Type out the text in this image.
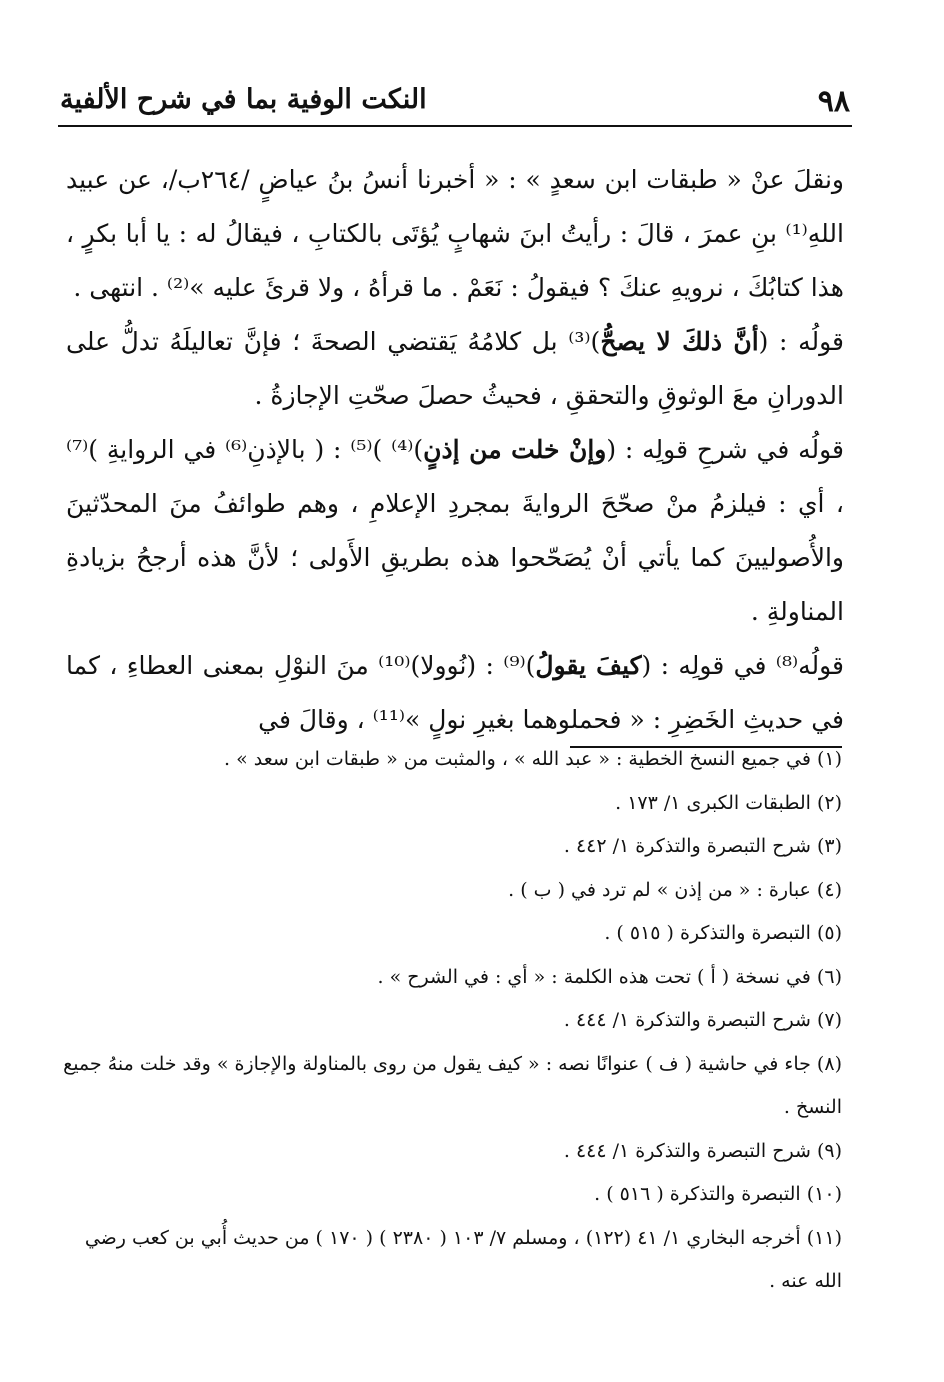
٩٨
النكت الوفية بما في شرح الألفية

ونقلَ عنْ « طبقات ابن سعدٍ » : « أخبرنا أنسُ بنُ عياضٍ /٢٦٤ب/، عن عبيد اللهِ⁽¹⁾ بنِ عمرَ ، قالَ : رأيتُ ابنَ شهابٍ يُؤتَى بالكتابِ ، فيقالُ له : يا أبا بكرٍ ، هذا كتابُكَ ، نرويهِ عنكَ ؟ فيقولُ : نَعَمْ . ما قرأهُ ، ولا قرئَ عليه »⁽²⁾ . انتهى .

قولُه : (أنَّ ذلكَ لا يصحُّ)⁽³⁾ بل كلامُهُ يَقتضي الصحةَ ؛ فإنَّ تعاليلَهُ تدلُّ على الدورانِ معَ الوثوقِ والتحققِ ، فحيثُ حصلَ صحّتِ الإجازةُ .

قولُه في شرحِ قولِه : (وإنْ خلت من إذنٍ)⁽⁴⁾ )⁽⁵⁾ : ( بالإذنِ⁽⁶⁾ في الروايةِ )⁽⁷⁾ ، أي : فيلزمُ منْ صحّحَ الروايةَ بمجردِ الإعلامِ ، وهم طوائفُ منَ المحدّثينَ والأُصوليينَ كما يأتي أنْ يُصَحّحوا هذه بطريقِ الأَولى ؛ لأنَّ هذه أرجحُ بزيادةِ المناولةِ .

قولُه⁽⁸⁾ في قولِه : (كيفَ يقولُ)⁽⁹⁾ : (نُوولا)⁽¹⁰⁾ منَ النوْلِ بمعنى العطاءِ ، كما في حديثِ الخَضِرِ : « فحملوهما بغيرِ نولٍ »⁽¹¹⁾ ، وقالَ في

(١) في جميع النسخ الخطية : « عبد الله » ، والمثبت من « طبقات ابن سعد » .

(٢) الطبقات الكبرى ١/ ١٧٣ .

(٣) شرح التبصرة والتذكرة ١/ ٤٤٢ .

(٤) عبارة : « من إذن » لم ترد في ( ب ) .

(٥) التبصرة والتذكرة ( ٥١٥ ) .

(٦) في نسخة ( أ ) تحت هذه الكلمة : « أي : في الشرح » .

(٧) شرح التبصرة والتذكرة ١/ ٤٤٤ .

(٨) جاء في حاشية ( ف ) عنوانًا نصه : « كيف يقول من روى بالمناولة والإجازة » وقد خلت منهُ جميع النسخ .

(٩) شرح التبصرة والتذكرة ١/ ٤٤٤ .

(١٠) التبصرة والتذكرة ( ٥١٦ ) .

(١١) أخرجه البخاري ١/ ٤١ (١٢٢) ، ومسلم ٧/ ١٠٣ ( ٢٣٨٠ ) ( ١٧٠ ) من حديث أُبي بن كعب رضي الله عنه .
